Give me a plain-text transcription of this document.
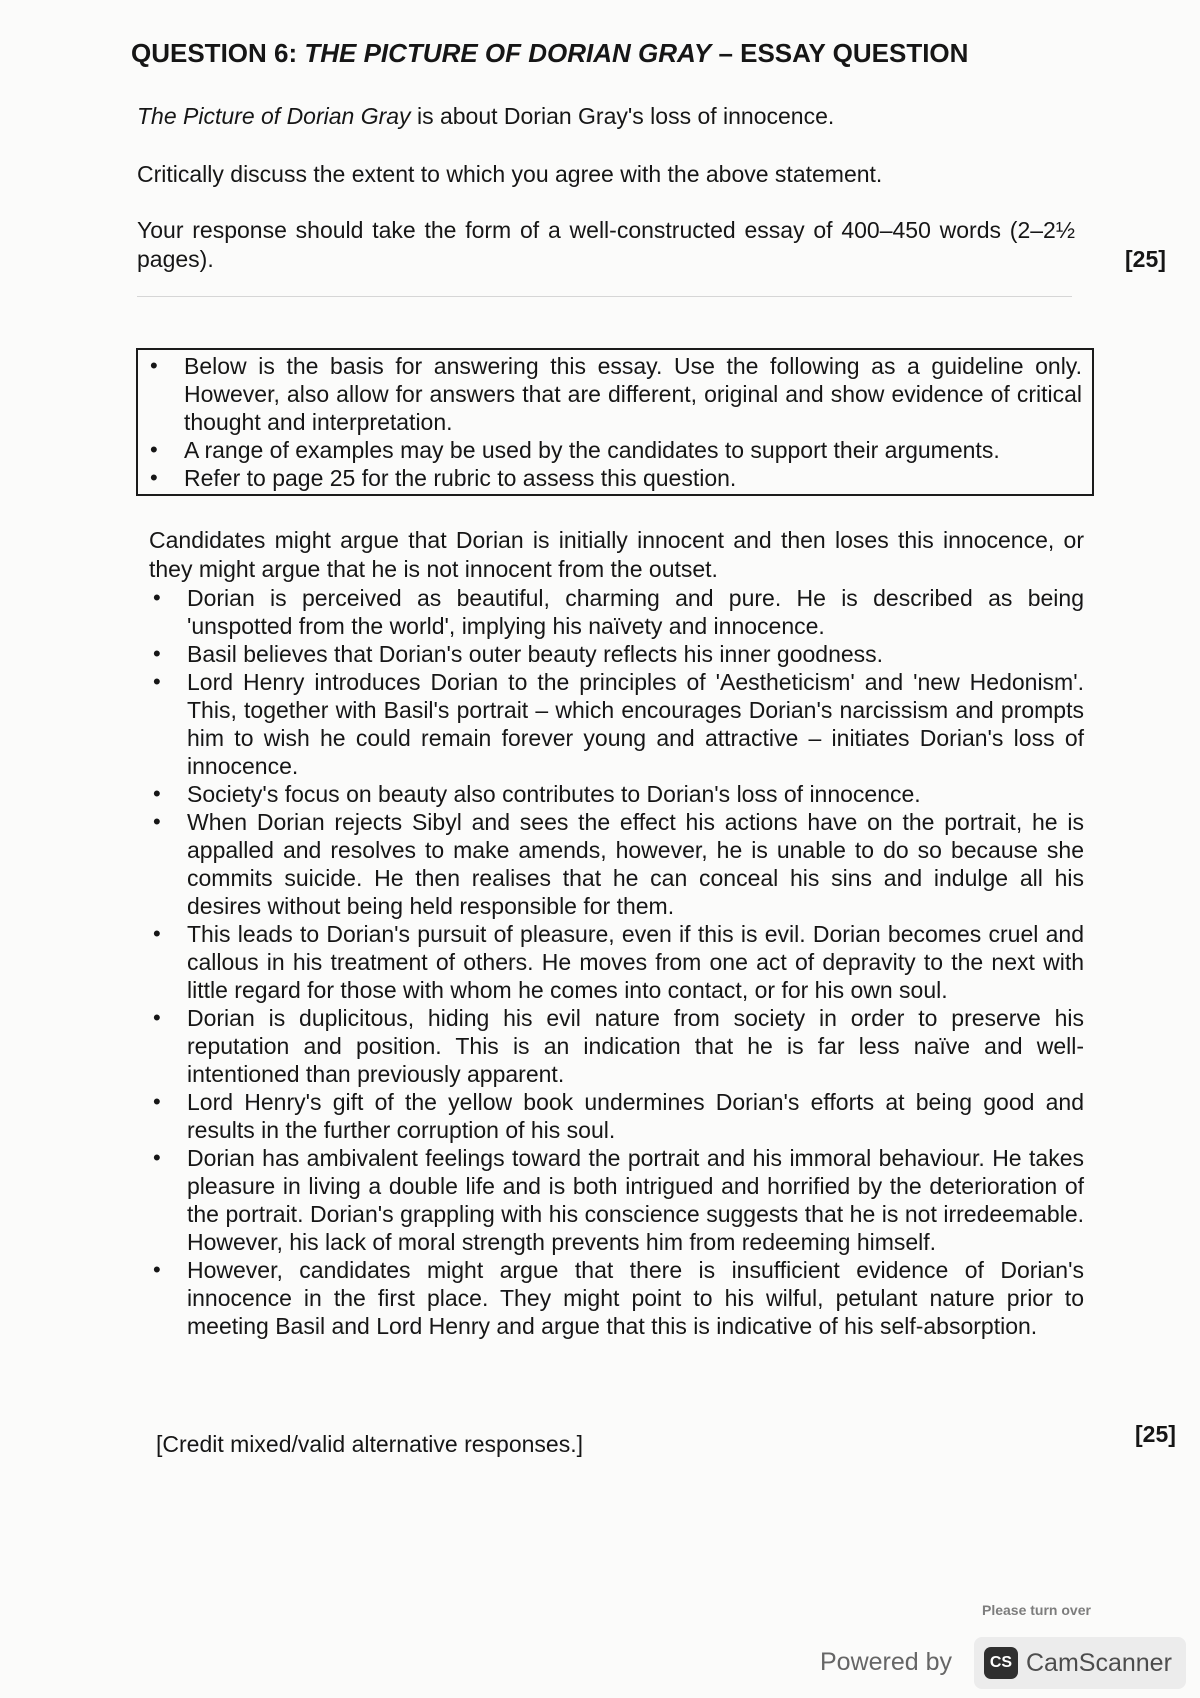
QUESTION 6: THE PICTURE OF DORIAN GRAY – ESSAY QUESTION
The Picture of Dorian Gray is about Dorian Gray's loss of innocence.
Critically discuss the extent to which you agree with the above statement.
Your response should take the form of a well-constructed essay of 400–450 words (2–2½ pages).	[25]
• Below is the basis for answering this essay. Use the following as a guideline only. However, also allow for answers that are different, original and show evidence of critical thought and interpretation.
• A range of examples may be used by the candidates to support their arguments.
• Refer to page 25 for the rubric to assess this question.
Candidates might argue that Dorian is initially innocent and then loses this innocence, or they might argue that he is not innocent from the outset.
• Dorian is perceived as beautiful, charming and pure. He is described as being 'unspotted from the world', implying his naïvety and innocence.
• Basil believes that Dorian's outer beauty reflects his inner goodness.
• Lord Henry introduces Dorian to the principles of 'Aestheticism' and 'new Hedonism'. This, together with Basil's portrait – which encourages Dorian's narcissism and prompts him to wish he could remain forever young and attractive – initiates Dorian's loss of innocence.
• Society's focus on beauty also contributes to Dorian's loss of innocence.
• When Dorian rejects Sibyl and sees the effect his actions have on the portrait, he is appalled and resolves to make amends, however, he is unable to do so because she commits suicide. He then realises that he can conceal his sins and indulge all his desires without being held responsible for them.
• This leads to Dorian's pursuit of pleasure, even if this is evil. Dorian becomes cruel and callous in his treatment of others. He moves from one act of depravity to the next with little regard for those with whom he comes into contact, or for his own soul.
• Dorian is duplicitous, hiding his evil nature from society in order to preserve his reputation and position. This is an indication that he is far less naïve and well-intentioned than previously apparent.
• Lord Henry's gift of the yellow book undermines Dorian's efforts at being good and results in the further corruption of his soul.
• Dorian has ambivalent feelings toward the portrait and his immoral behaviour. He takes pleasure in living a double life and is both intrigued and horrified by the deterioration of the portrait. Dorian's grappling with his conscience suggests that he is not irredeemable. However, his lack of moral strength prevents him from redeeming himself.
• However, candidates might argue that there is insufficient evidence of Dorian's innocence in the first place. They might point to his wilful, petulant nature prior to meeting Basil and Lord Henry and argue that this is indicative of his self-absorption.
[Credit mixed/valid alternative responses.]	[25]
Please turn over
Powered by	CS CamScanner
